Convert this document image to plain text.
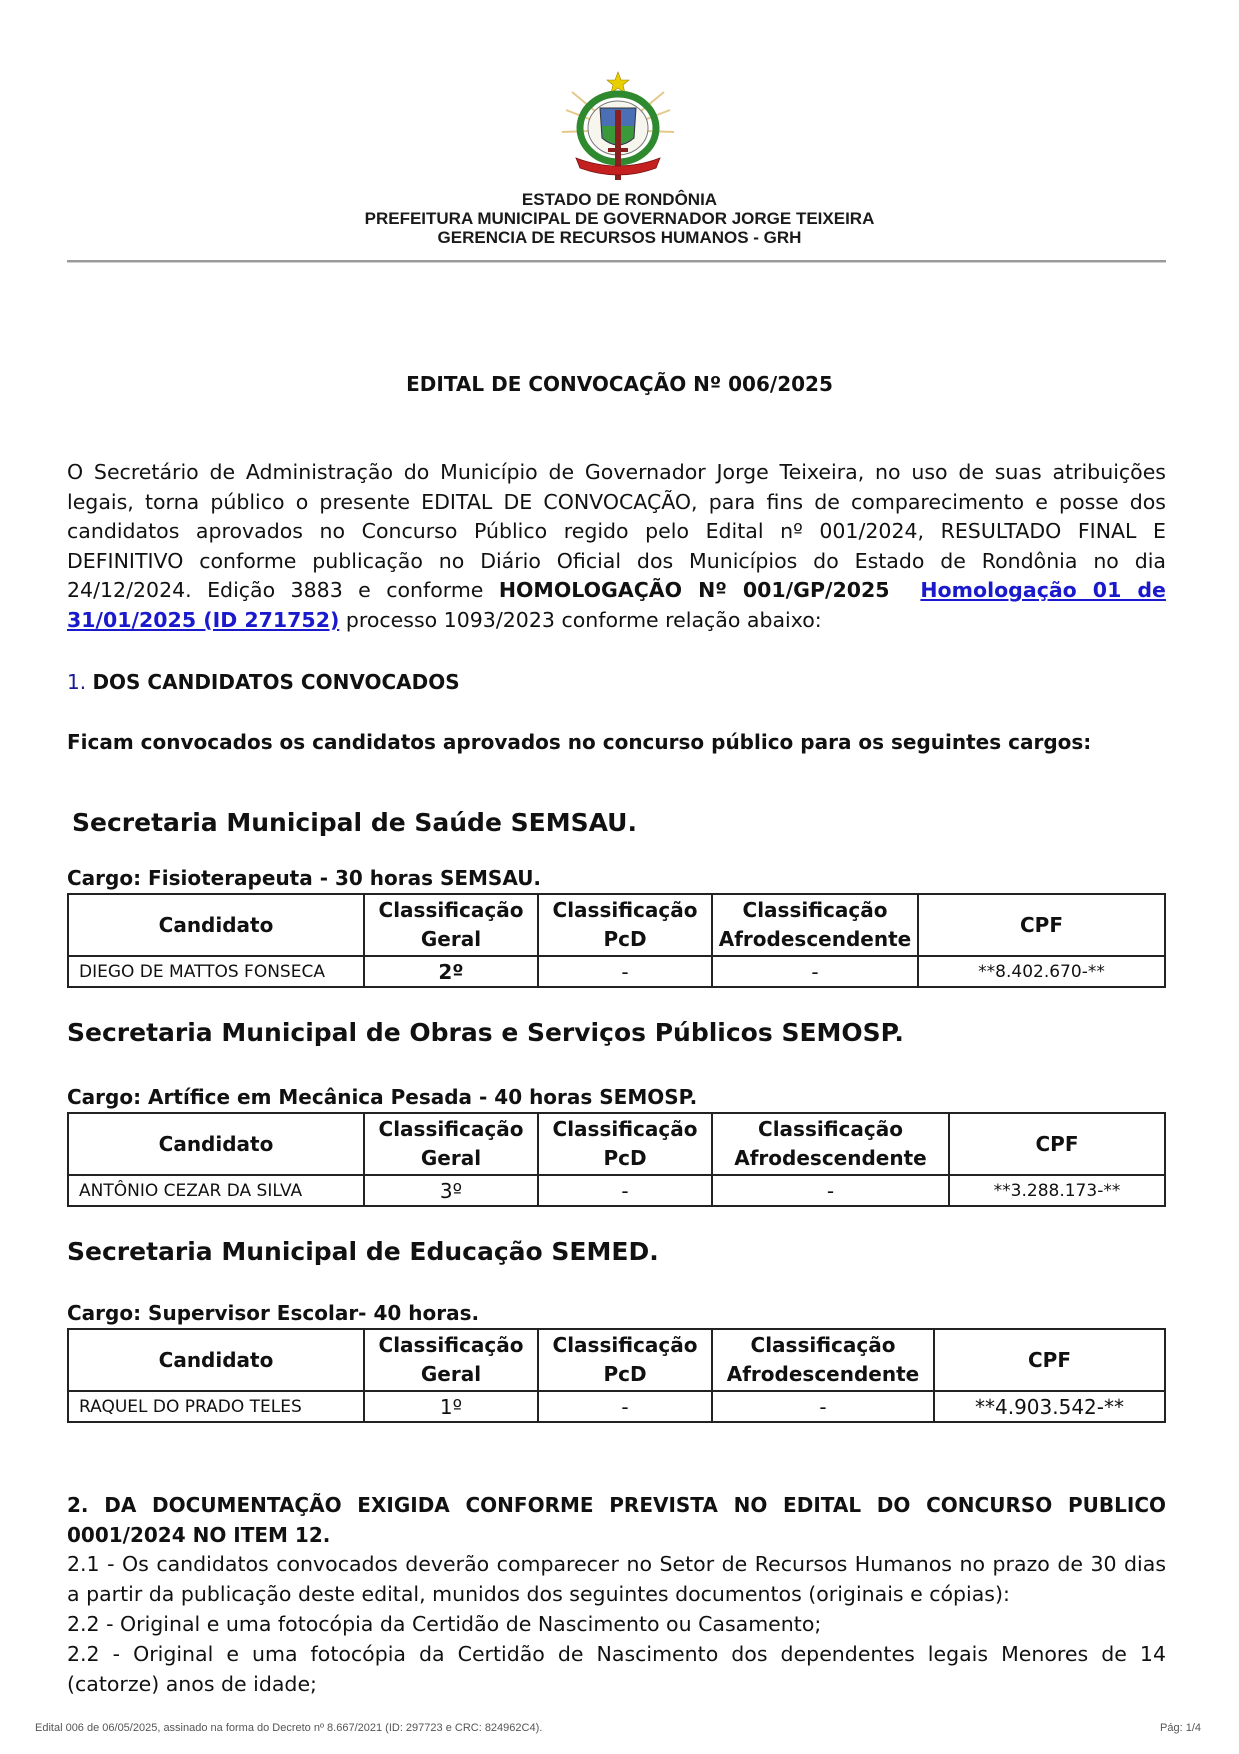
ESTADO DE RONDÔNIA
PREFEITURA MUNICIPAL DE GOVERNADOR JORGE TEIXEIRA
GERENCIA DE RECURSOS HUMANOS - GRH
EDITAL DE CONVOCAÇÃO Nº 006/2025

O Secretário de Administração do Município de Governador Jorge Teixeira, no uso de suas atribuições legais, torna público o presente EDITAL DE CONVOCAÇÃO, para fins de comparecimento e posse dos candidatos aprovados no Concurso Público regido pelo Edital nº 001/2024, RESULTADO FINAL E DEFINITIVO conforme publicação no Diário Oficial dos Municípios do Estado de Rondônia no dia 24/12/2024. Edição 3883 e conforme HOMOLOGAÇÃO Nº 001/GP/2025 Homologação 01 de 31/01/2025 (ID 271752) processo 1093/2023 conforme relação abaixo:

1. DOS CANDIDATOS CONVOCADOS
Ficam convocados os candidatos aprovados no concurso público para os seguintes cargos:
Secretaria Municipal de Saúde SEMSAU.
Cargo: Fisioterapeuta - 30 horas SEMSAU.
Candidato	Classificação Geral	Classificação PcD	Classificação Afrodescendente	CPF
DIEGO DE MATTOS FONSECA	2º	-	-	**8.402.670-**
Secretaria Municipal de Obras e Serviços Públicos SEMOSP.
Cargo: Artífice em Mecânica Pesada - 40 horas SEMOSP.
Candidato	Classificação Geral	Classificação PcD	Classificação Afrodescendente	CPF
ANTÔNIO CEZAR DA SILVA	3º	-	-	**3.288.173-**
Secretaria Municipal de Educação SEMED.
Cargo: Supervisor Escolar- 40 horas.
Candidato	Classificação Geral	Classificação PcD	Classificação Afrodescendente	CPF
RAQUEL DO PRADO TELES	1º	-	-	**4.903.542-**

2. DA DOCUMENTAÇÃO EXIGIDA CONFORME PREVISTA NO EDITAL DO CONCURSO PUBLICO 0001/2024 NO ITEM 12.

2.1 - Os candidatos convocados deverão comparecer no Setor de Recursos Humanos no prazo de 30 dias a partir da publicação deste edital, munidos dos seguintes documentos (originais e cópias):

2.2 - Original e uma fotocópia da Certidão de Nascimento ou Casamento;

2.2 - Original e uma fotocópia da Certidão de Nascimento dos dependentes legais Menores de 14 (catorze) anos de idade;

Edital 006 de 06/05/2025, assinado na forma do Decreto nº 8.667/2021 (ID: 297723 e CRC: 824962C4).	Pág: 1/4
